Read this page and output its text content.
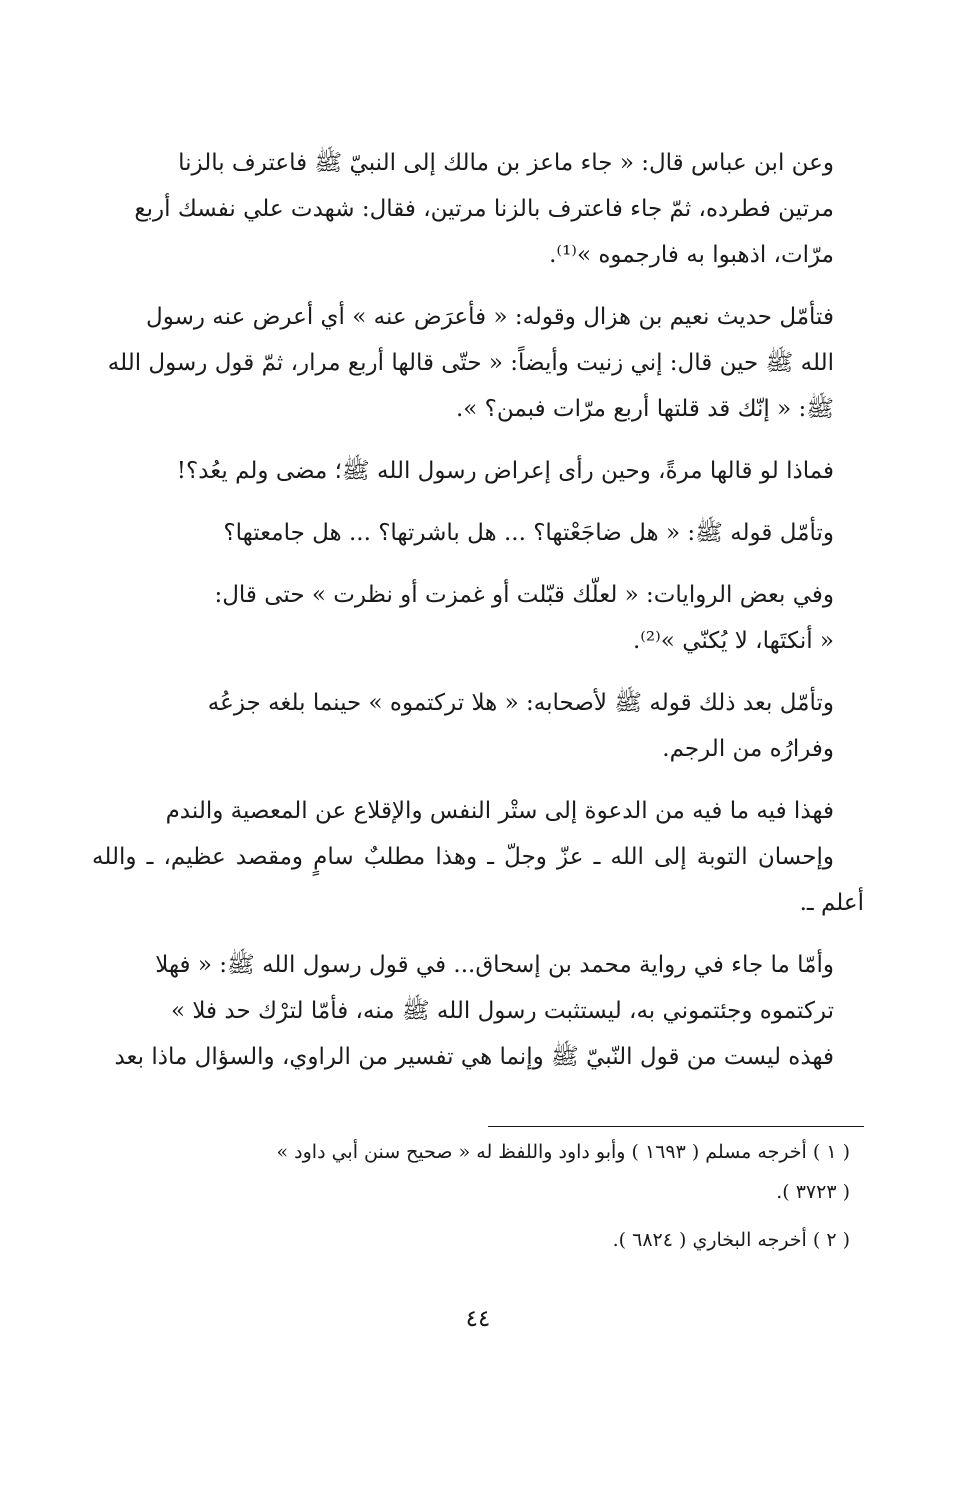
وعن ابن عباس قال: « جاء ماعز بن مالك إلى النبيّ ﷺ فاعترف بالزنا
مرتين فطرده، ثمّ جاء فاعترف بالزنا مرتين، فقال: شهدت علي نفسك أربع
مرّات، اذهبوا به فارجموه »⁽¹⁾.

فتأمّل حديث نعيم بن هزال وقوله: « فأعرَض عنه » أي أعرض عنه رسول
الله ﷺ حين قال: إني زنيت وأيضاً: « حتّى قالها أربع مرار، ثمّ قول رسول الله
ﷺ: « إنّك قد قلتها أربع مرّات فبمن؟ ».

فماذا لو قالها مرةً، وحين رأى إعراض رسول الله ﷺ؛ مضى ولم يعُد؟!

وتأمّل قوله ﷺ: « هل ضاجَعْتها؟ ... هل باشرتها؟ ... هل جامعتها؟

وفي بعض الروايات: « لعلّك قبّلت أو غمزت أو نظرت » حتى قال:
« أنكتَها، لا يُكنّي »⁽²⁾.

وتأمّل بعد ذلك قوله ﷺ لأصحابه: « هلا تركتموه » حينما بلغه جزعُه
وفرارُه من الرجم.

فهذا فيه ما فيه من الدعوة إلى ستْر النفس والإقلاع عن المعصية والندم
وإحسان التوبة إلى الله ـ عزّ وجلّ ـ وهذا مطلبٌ سامٍ ومقصد عظيم، ـ والله أعلم ـ.

وأمّا ما جاء في رواية محمد بن إسحاق... في قول رسول الله ﷺ: « فهلا
تركتموه وجئتموني به، ليستثبت رسول الله ﷺ منه، فأمّا لترْك حد فلا »
فهذه ليست من قول النّبيّ ﷺ وإنما هي تفسير من الراوي، والسؤال ماذا بعد

( ١ ) أخرجه مسلم ( ١٦٩٣ ) وأبو داود واللفظ له « صحيح سنن أبي داود »
( ٣٧٢٣ ).

( ٢ ) أخرجه البخاري ( ٦٨٢٤ ).

٤٤
